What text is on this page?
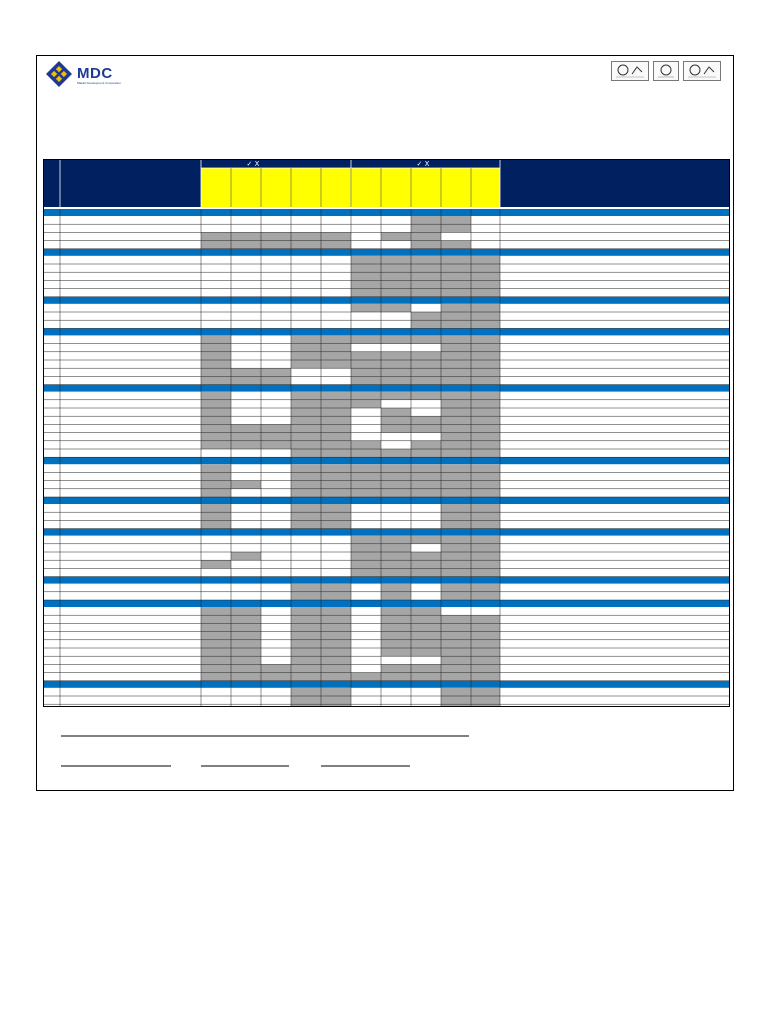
MDC
Makati Development Corporation
✓ X	✓ X
